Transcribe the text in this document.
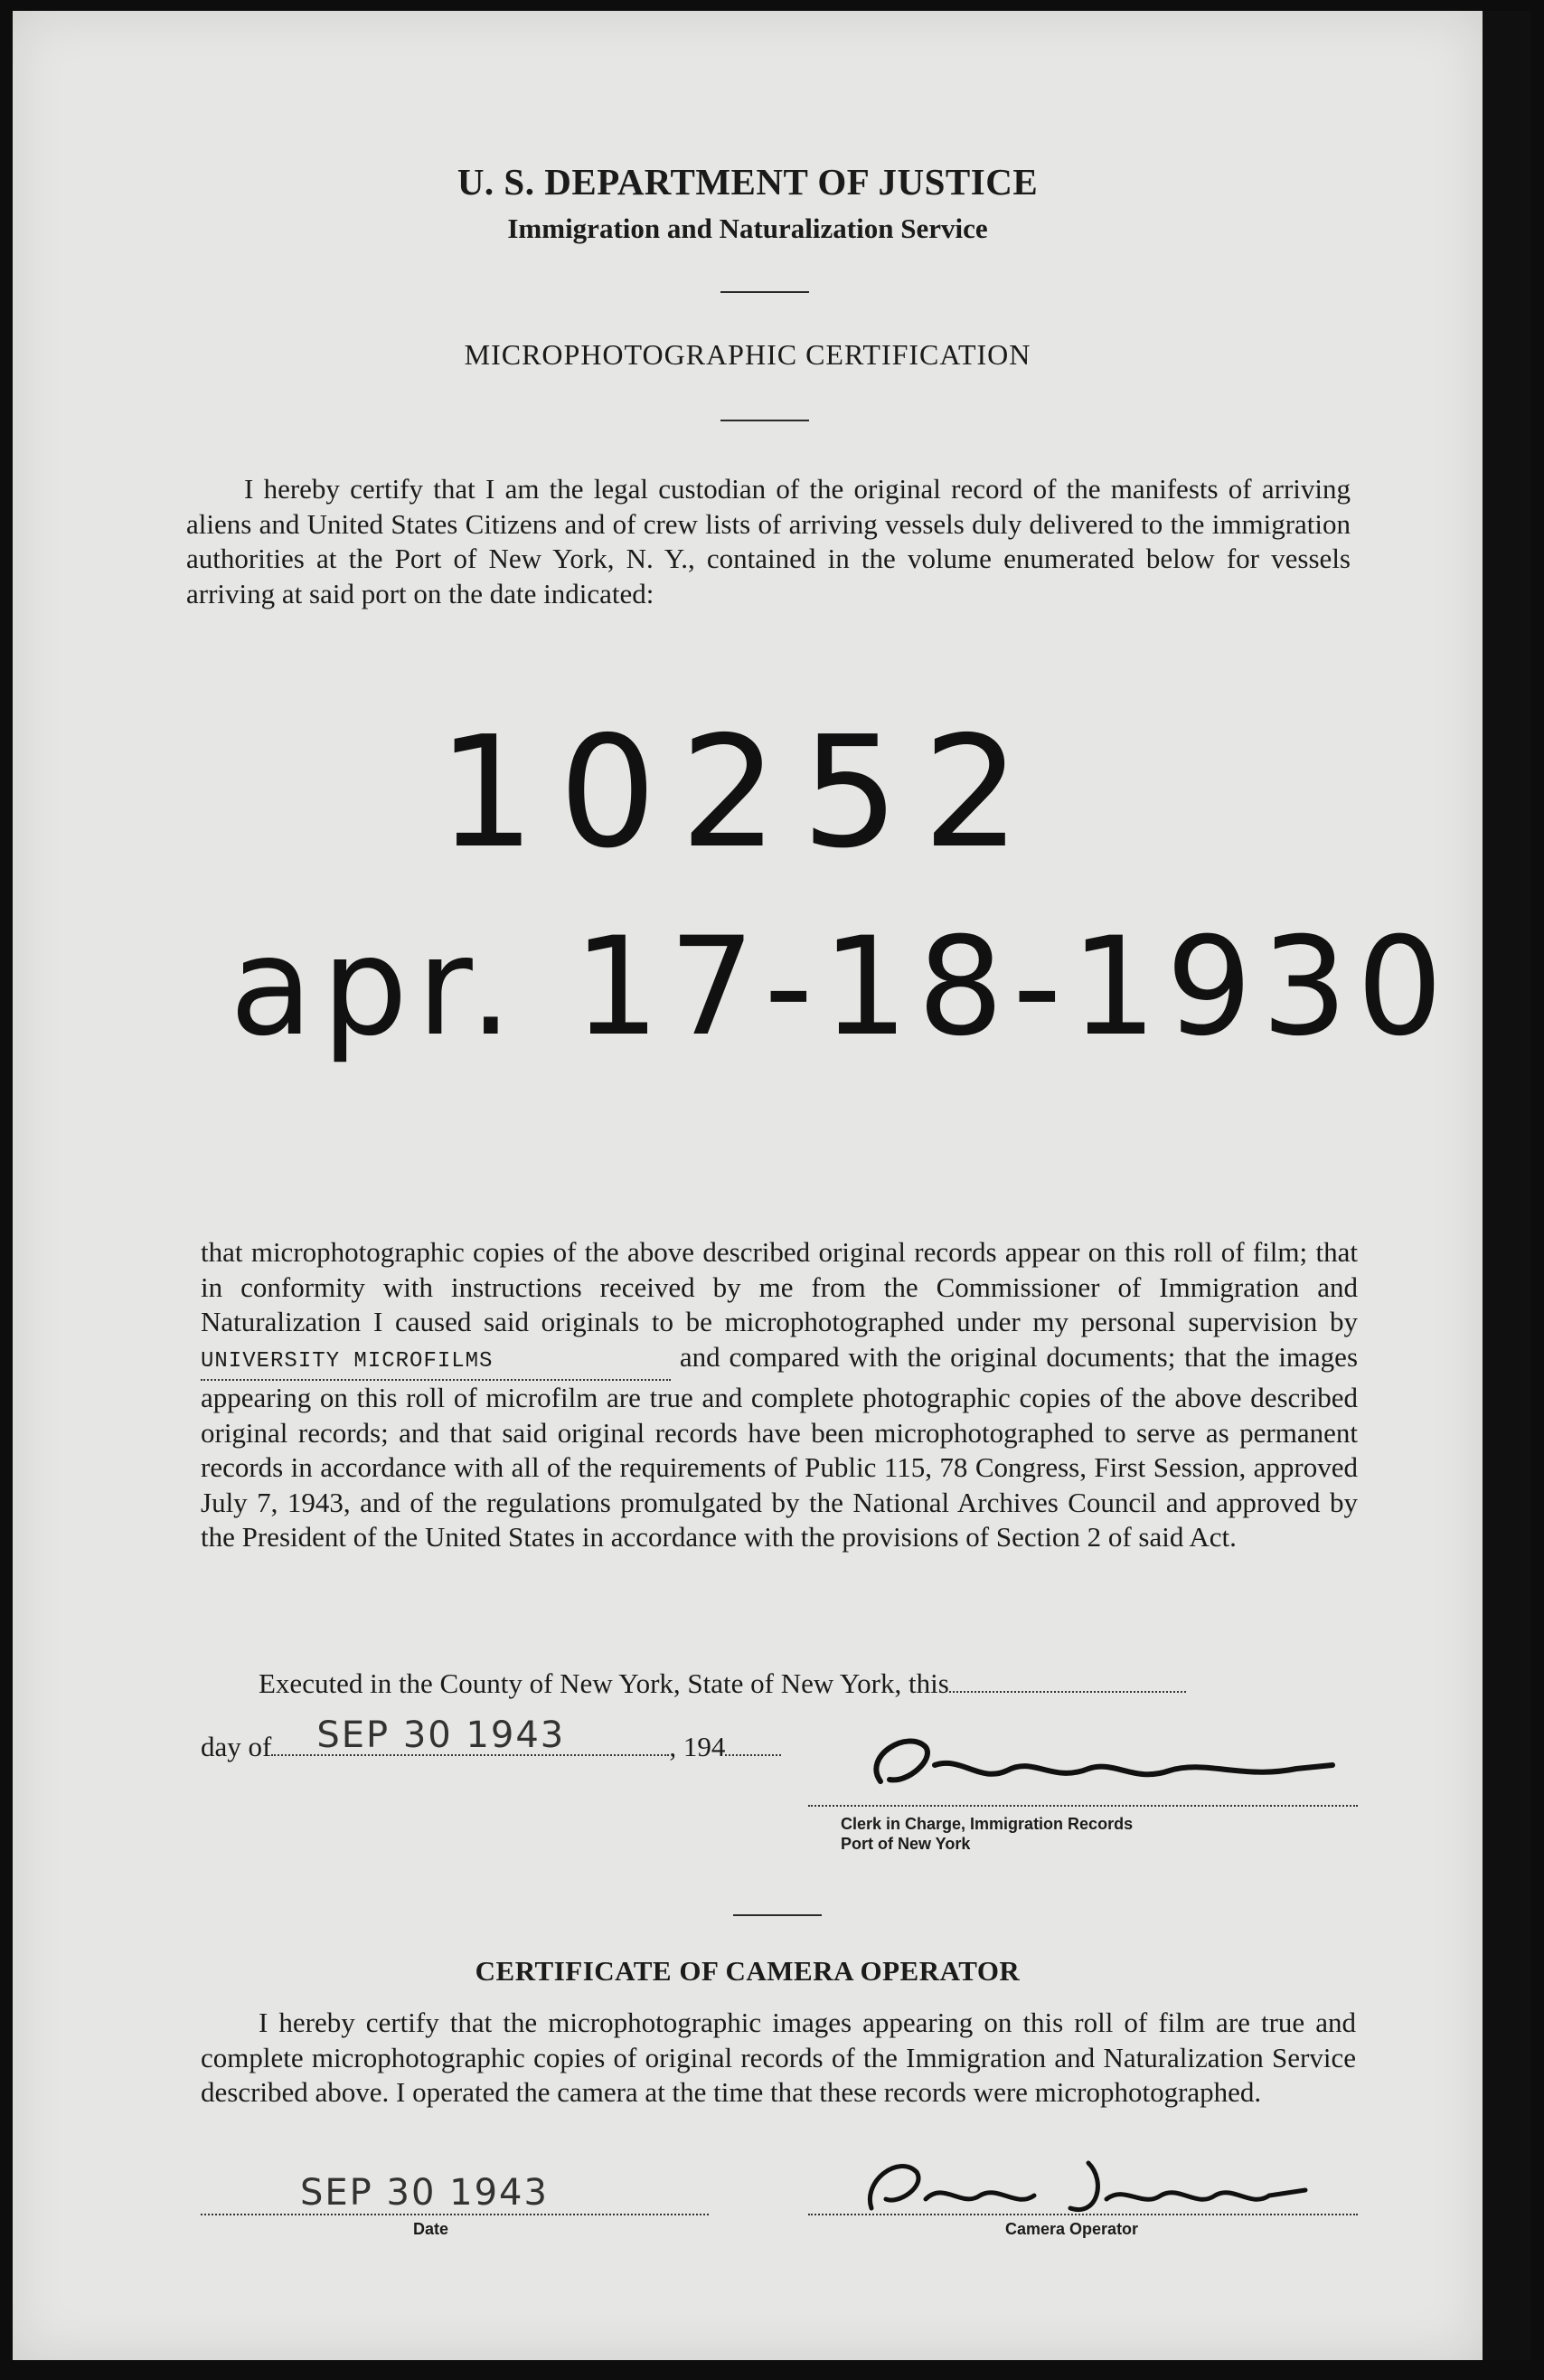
U. S. DEPARTMENT OF JUSTICE
Immigration and Naturalization Service
MICROPHOTOGRAPHIC CERTIFICATION

I hereby certify that I am the legal custodian of the original record of the manifests of arriving aliens and United States Citizens and of crew lists of arriving vessels duly delivered to the immigration authorities at the Port of New York, N. Y., contained in the volume enumerated below for vessels arriving at said port on the date indicated:

10252
apr. 17-18-1930

that microphotographic copies of the above described original records appear on this roll of film; that in conformity with instructions received by me from the Commissioner of Immigration and Naturalization I caused said originals to be microphotographed under my personal supervision by UNIVERSITY MICROFILMS	and compared with the original documents; that the images appearing on this roll of microfilm are true and complete photographic copies of the above described original records; and that said original records have been microphotographed to serve as permanent records in accordance with all of the requirements of Public 115, 78 Congress, First Session, approved July 7, 1943, and of the regulations promulgated by the National Archives Council and approved by the President of the United States in accordance with the provisions of Section 2 of said Act.

Executed in the County of New York, State of New York, this
day of SEP 30 1943	, 194
Clerk in Charge, Immigration Records
Port of New York
CERTIFICATE OF CAMERA OPERATOR

I hereby certify that the microphotographic images appearing on this roll of film are true and complete microphotographic copies of original records of the Immigration and Naturalization Service described above. I operated the camera at the time that these records were microphotographed.

SEP 30 1943
Date	Camera Operator
